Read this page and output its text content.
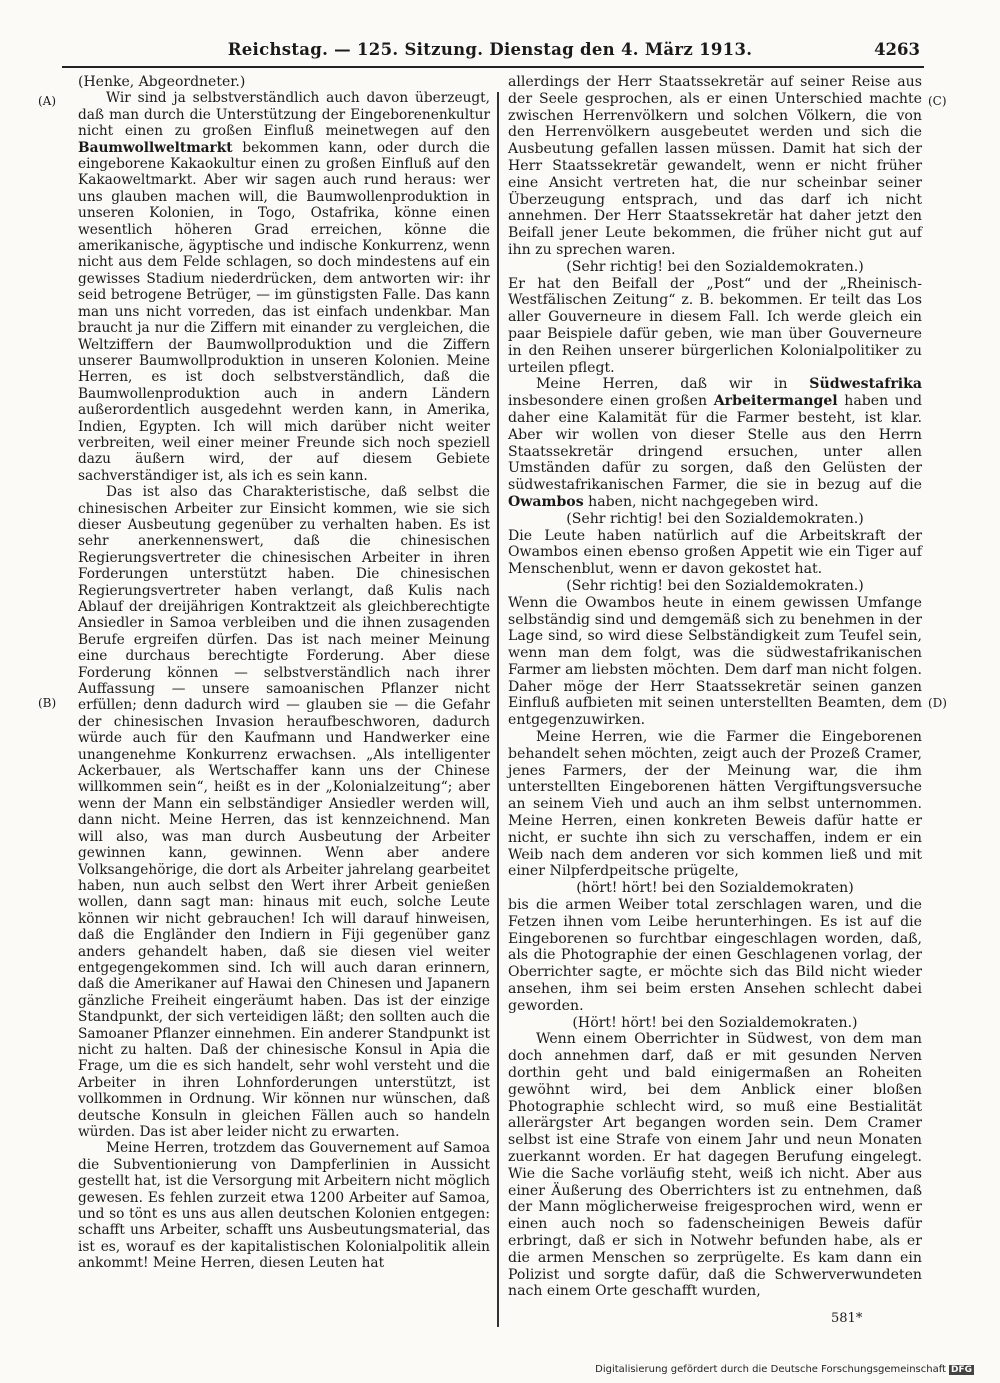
Reichstag. — 125. Sitzung. Dienstag den 4. März 1913.	4263
(A)
(B)
(C)
(D)

(Henke, Abgeordneter.)

Wir sind ja selbstverständlich auch davon überzeugt, daß man durch die Unterstützung der Eingeborenenkultur nicht einen zu großen Einfluß meinetwegen auf den Baumwollweltmarkt bekommen kann, oder durch die eingeborene Kakaokultur einen zu großen Einfluß auf den Kakaoweltmarkt. Aber wir sagen auch rund heraus: wer uns glauben machen will, die Baumwollenproduktion in unseren Kolonien, in Togo, Ostafrika, könne einen wesentlich höheren Grad erreichen, könne die amerikanische, ägyptische und indische Konkurrenz, wenn nicht aus dem Felde schlagen, so doch mindestens auf ein gewisses Stadium niederdrücken, dem antworten wir: ihr seid betrogene Betrüger, — im günstigsten Falle. Das kann man uns nicht vorreden, das ist einfach undenkbar. Man braucht ja nur die Ziffern mit einander zu vergleichen, die Weltziffern der Baumwollproduktion und die Ziffern unserer Baumwollproduktion in unseren Kolonien. Meine Herren, es ist doch selbstverständlich, daß die Baumwollenproduktion auch in andern Ländern außerordentlich ausgedehnt werden kann, in Amerika, Indien, Egypten. Ich will mich darüber nicht weiter verbreiten, weil einer meiner Freunde sich noch speziell dazu äußern wird, der auf diesem Gebiete sachverständiger ist, als ich es sein kann.

Das ist also das Charakteristische, daß selbst die chinesischen Arbeiter zur Einsicht kommen, wie sie sich dieser Ausbeutung gegenüber zu verhalten haben. Es ist sehr anerkennenswert, daß die chinesischen Regierungsvertreter die chinesischen Arbeiter in ihren Forderungen unterstützt haben. Die chinesischen Regierungsvertreter haben verlangt, daß Kulis nach Ablauf der dreijährigen Kontraktzeit als gleichberechtigte Ansiedler in Samoa verbleiben und die ihnen zusagenden Berufe ergreifen dürfen. Das ist nach meiner Meinung eine durchaus berechtigte Forderung. Aber diese Forderung können — selbstverständlich nach ihrer Auffassung — unsere samoanischen Pflanzer nicht erfüllen; denn dadurch wird — glauben sie — die Gefahr der chinesischen Invasion heraufbeschworen, dadurch würde auch für den Kaufmann und Handwerker eine unangenehme Konkurrenz erwachsen. „Als intelligenter Ackerbauer, als Wertschaffer kann uns der Chinese willkommen sein“, heißt es in der „Kolonialzeitung“; aber wenn der Mann ein selbständiger Ansiedler werden will, dann nicht. Meine Herren, das ist kennzeichnend. Man will also, was man durch Ausbeutung der Arbeiter gewinnen kann, gewinnen. Wenn aber andere Volksangehörige, die dort als Arbeiter jahrelang gearbeitet haben, nun auch selbst den Wert ihrer Arbeit genießen wollen, dann sagt man: hinaus mit euch, solche Leute können wir nicht gebrauchen! Ich will darauf hinweisen, daß die Engländer den Indiern in Fiji gegenüber ganz anders gehandelt haben, daß sie diesen viel weiter entgegengekommen sind. Ich will auch daran erinnern, daß die Amerikaner auf Hawai den Chinesen und Japanern gänzliche Freiheit eingeräumt haben. Das ist der einzige Standpunkt, der sich verteidigen läßt; den sollten auch die Samoaner Pflanzer einnehmen. Ein anderer Standpunkt ist nicht zu halten. Daß der chinesische Konsul in Apia die Frage, um die es sich handelt, sehr wohl versteht und die Arbeiter in ihren Lohnforderungen unterstützt, ist vollkommen in Ordnung. Wir können nur wünschen, daß deutsche Konsuln in gleichen Fällen auch so handeln würden. Das ist aber leider nicht zu erwarten.

Meine Herren, trotzdem das Gouvernement auf Samoa die Subventionierung von Dampferlinien in Aussicht gestellt hat, ist die Versorgung mit Arbeitern nicht möglich gewesen. Es fehlen zurzeit etwa 1200 Arbeiter auf Samoa, und so tönt es uns aus allen deutschen Kolonien entgegen: schafft uns Arbeiter, schafft uns Ausbeutungsmaterial, das ist es, worauf es der kapitalistischen Kolonialpolitik allein ankommt! Meine Herren, diesen Leuten hat

allerdings der Herr Staatssekretär auf seiner Reise aus der Seele gesprochen, als er einen Unterschied machte zwischen Herrenvölkern und solchen Völkern, die von den Herrenvölkern ausgebeutet werden und sich die Ausbeutung gefallen lassen müssen. Damit hat sich der Herr Staatssekretär gewandelt, wenn er nicht früher eine Ansicht vertreten hat, die nur scheinbar seiner Überzeugung entsprach, und das darf ich nicht annehmen. Der Herr Staatssekretär hat daher jetzt den Beifall jener Leute bekommen, die früher nicht gut auf ihn zu sprechen waren.

(Sehr richtig! bei den Sozialdemokraten.)

Er hat den Beifall der „Post“ und der „Rheinisch-Westfälischen Zeitung“ z. B. bekommen. Er teilt das Los aller Gouverneure in diesem Fall. Ich werde gleich ein paar Beispiele dafür geben, wie man über Gouverneure in den Reihen unserer bürgerlichen Kolonialpolitiker zu urteilen pflegt.

Meine Herren, daß wir in Südwestafrika insbesondere einen großen Arbeitermangel haben und daher eine Kalamität für die Farmer besteht, ist klar. Aber wir wollen von dieser Stelle aus den Herrn Staatssekretär dringend ersuchen, unter allen Umständen dafür zu sorgen, daß den Gelüsten der südwestafrikanischen Farmer, die sie in bezug auf die Owambos haben, nicht nachgegeben wird.

(Sehr richtig! bei den Sozialdemokraten.)

Die Leute haben natürlich auf die Arbeitskraft der Owambos einen ebenso großen Appetit wie ein Tiger auf Menschenblut, wenn er davon gekostet hat.

(Sehr richtig! bei den Sozialdemokraten.)

Wenn die Owambos heute in einem gewissen Umfange selbständig sind und demgemäß sich zu benehmen in der Lage sind, so wird diese Selbständigkeit zum Teufel sein, wenn man dem folgt, was die südwestafrikanischen Farmer am liebsten möchten. Dem darf man nicht folgen. Daher möge der Herr Staatssekretär seinen ganzen Einfluß aufbieten mit seinen unterstellten Beamten, dem entgegenzuwirken.

Meine Herren, wie die Farmer die Eingeborenen behandelt sehen möchten, zeigt auch der Prozeß Cramer, jenes Farmers, der der Meinung war, die ihm unterstellten Eingeborenen hätten Vergiftungsversuche an seinem Vieh und auch an ihm selbst unternommen. Meine Herren, einen konkreten Beweis dafür hatte er nicht, er suchte ihn sich zu verschaffen, indem er ein Weib nach dem anderen vor sich kommen ließ und mit einer Nilpferdpeitsche prügelte,

(hört! hört! bei den Sozialdemokraten)

bis die armen Weiber total zerschlagen waren, und die Fetzen ihnen vom Leibe herunterhingen. Es ist auf die Eingeborenen so furchtbar eingeschlagen worden, daß, als die Photographie der einen Geschlagenen vorlag, der Oberrichter sagte, er möchte sich das Bild nicht wieder ansehen, ihm sei beim ersten Ansehen schlecht dabei geworden.

(Hört! hört! bei den Sozialdemokraten.)

Wenn einem Oberrichter in Südwest, von dem man doch annehmen darf, daß er mit gesunden Nerven dorthin geht und bald einigermaßen an Roheiten gewöhnt wird, bei dem Anblick einer bloßen Photographie schlecht wird, so muß eine Bestialität allerärgster Art begangen worden sein. Dem Cramer selbst ist eine Strafe von einem Jahr und neun Monaten zuerkannt worden. Er hat dagegen Berufung eingelegt. Wie die Sache vorläufig steht, weiß ich nicht. Aber aus einer Äußerung des Oberrichters ist zu entnehmen, daß der Mann möglicherweise freigesprochen wird, wenn er einen auch noch so fadenscheinigen Beweis dafür erbringt, daß er sich in Notwehr befunden habe, als er die armen Menschen so zerprügelte. Es kam dann ein Polizist und sorgte dafür, daß die Schwerverwundeten nach einem Orte geschafft wurden,

581*
Digitalisierung gefördert durch die Deutsche Forschungsgemeinschaft DFG
